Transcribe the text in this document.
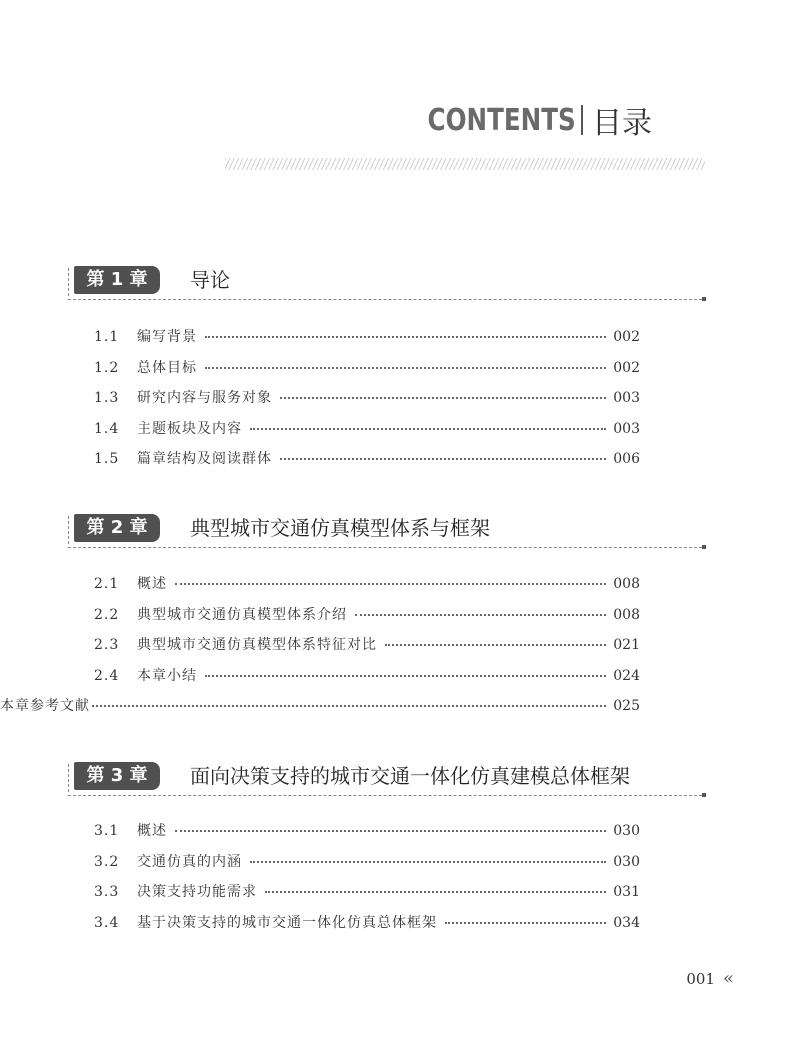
CONTENTS 目录
第 1 章	导论
1.1	编写背景	002
1.2	总体目标	002
1.3	研究内容与服务对象	003
1.4	主题板块及内容	003
1.5	篇章结构及阅读群体	006
第 2 章	典型城市交通仿真模型体系与框架
2.1	概述	008
2.2	典型城市交通仿真模型体系介绍	008
2.3	典型城市交通仿真模型体系特征对比	021
2.4	本章小结	024
本章参考文献	025
第 3 章	面向决策支持的城市交通一体化仿真建模总体框架
3.1	概述	030
3.2	交通仿真的内涵	030
3.3	决策支持功能需求	031
3.4	基于决策支持的城市交通一体化仿真总体框架	034
001 «
